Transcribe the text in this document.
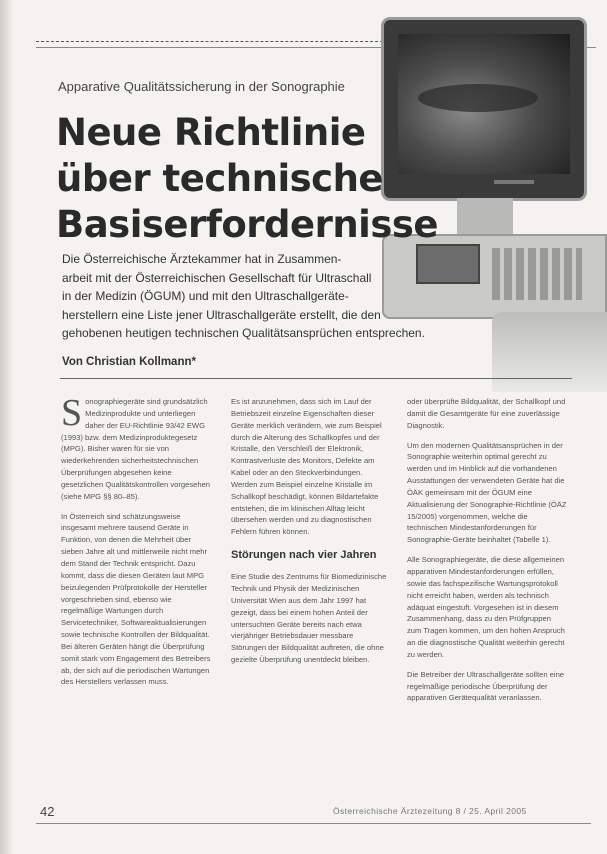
Apparative Qualitätssicherung in der Sonographie
Neue Richtlinie
über technische
Basiserfordernisse
Die Österreichische Ärztekammer hat in Zusammen-
arbeit mit der Österreichischen Gesellschaft für Ultraschall
in der Medizin (ÖGUM) und mit den Ultraschallgeräte-
herstellern eine Liste jener Ultraschallgeräte erstellt, die den
gehobenen heutigen technischen Qualitätsansprüchen entsprechen.
Von Christian Kollmann*

Sonographiegeräte sind grundsätzlich Medizinprodukte und unterliegen daher der EU-Richtlinie 93/42 EWG (1993) bzw. dem Medizinproduktegesetz (MPG). Bisher waren für sie von wiederkehrenden sicherheitstechnischen Überprüfungen abgesehen keine gesetzlichen Qualitätskontrollen vorgesehen (siehe MPG §§ 80–85).

In Österreich sind schätzungsweise insgesamt mehrere tausend Geräte in Funktion, von denen die Mehrheit über sieben Jahre alt und mittlerweile nicht mehr dem Stand der Technik entspricht. Dazu kommt, dass die diesen Geräten laut MPG beizulegenden Prüfprotokolle der Hersteller vorgeschrieben sind, ebenso wie regelmäßige Wartungen durch Servicetechniker, Softwareaktualisierungen sowie technische Kontrollen der Bildqualität. Bei älteren Geräten hängt die Überprüfung somit stark vom Engagement des Betreibers ab, der sich auf die periodischen Wartungen des Herstellers verlassen muss.

Es ist anzunehmen, dass sich im Lauf der Betriebszeit einzelne Eigenschaften dieser Geräte merklich verändern, wie zum Beispiel durch die Alterung des Schallkopfes und der Kristalle, den Verschleiß der Elektronik, Kontrastverluste des Monitors, Defekte am Kabel oder an den Steckverbindungen. Werden zum Beispiel einzelne Kristalle im Schallkopf beschädigt, können Bildartefakte entstehen, die im klinischen Alltag leicht übersehen werden und zu diagnostischen Fehlern führen können.

Störungen nach vier Jahren

Eine Studie des Zentrums für Biomedizinische Technik und Physik der Medizinischen Universität Wien aus dem Jahr 1997 hat gezeigt, dass bei einem hohen Anteil der untersuchten Geräte bereits nach etwa vierjähriger Betriebsdauer messbare Störungen der Bildqualität auftreten, die ohne gezielte Überprüfung unentdeckt bleiben.

oder überprüfte Bildqualität, der Schallkopf und damit die Gesamtgeräte für eine zuverlässige Diagnostik.

Um den modernen Qualitätsansprüchen in der Sonographie weiterhin optimal gerecht zu werden und im Hinblick auf die vorhandenen Ausstattungen der verwendeten Geräte hat die ÖÄK gemeinsam mit der ÖGUM eine Aktualisierung der Sonographie-Richtlinie (ÖÄZ 15/2005) vorgenommen, welche die technischen Mindestanforderungen für Sonographie-Geräte beinhaltet (Tabelle 1).

Alle Sonographiegeräte, die diese allgemeinen apparativen Mindestanforderungen erfüllen, sowie das fachspezifische Wartungsprotokoll nicht erreicht haben, werden als technisch adäquat eingestuft. Vorgesehen ist in diesem Zusammenhang, dass zu den Prüfgruppen zum Tragen kommen, um den hohen Anspruch an die diagnostische Qualität weiterhin gerecht zu werden.

Die Betreiber der Ultraschallgeräte sollten eine regelmäßige periodische Überprüfung der apparativen Gerätequalität veranlassen.

42	Österreichische Ärztezeitung 8 / 25. April 2005
